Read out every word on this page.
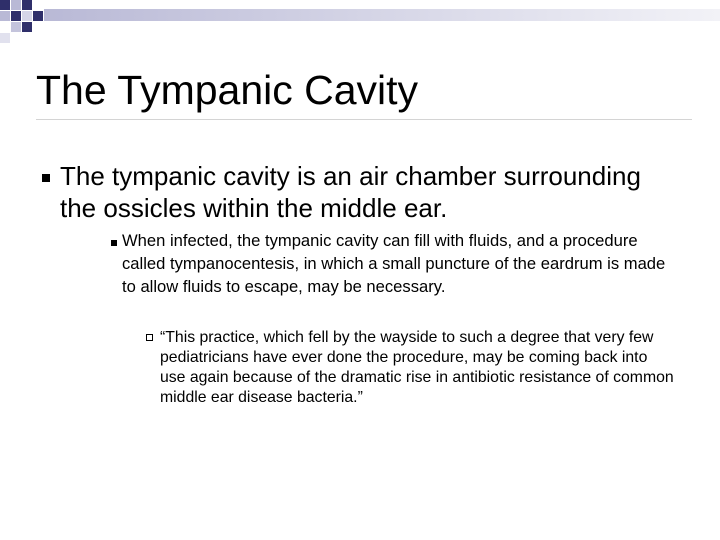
The Tympanic Cavity
The tympanic cavity is an air chamber surrounding the ossicles within the middle ear.
When infected, the tympanic cavity can fill with fluids, and a procedure called tympanocentesis, in which a small puncture of the eardrum is made to allow fluids to escape, may be necessary.
“This practice, which fell by the wayside to such a degree that very few pediatricians have ever done the procedure, may be coming back into use again because of the dramatic rise in antibiotic resistance of common middle ear disease bacteria.”
